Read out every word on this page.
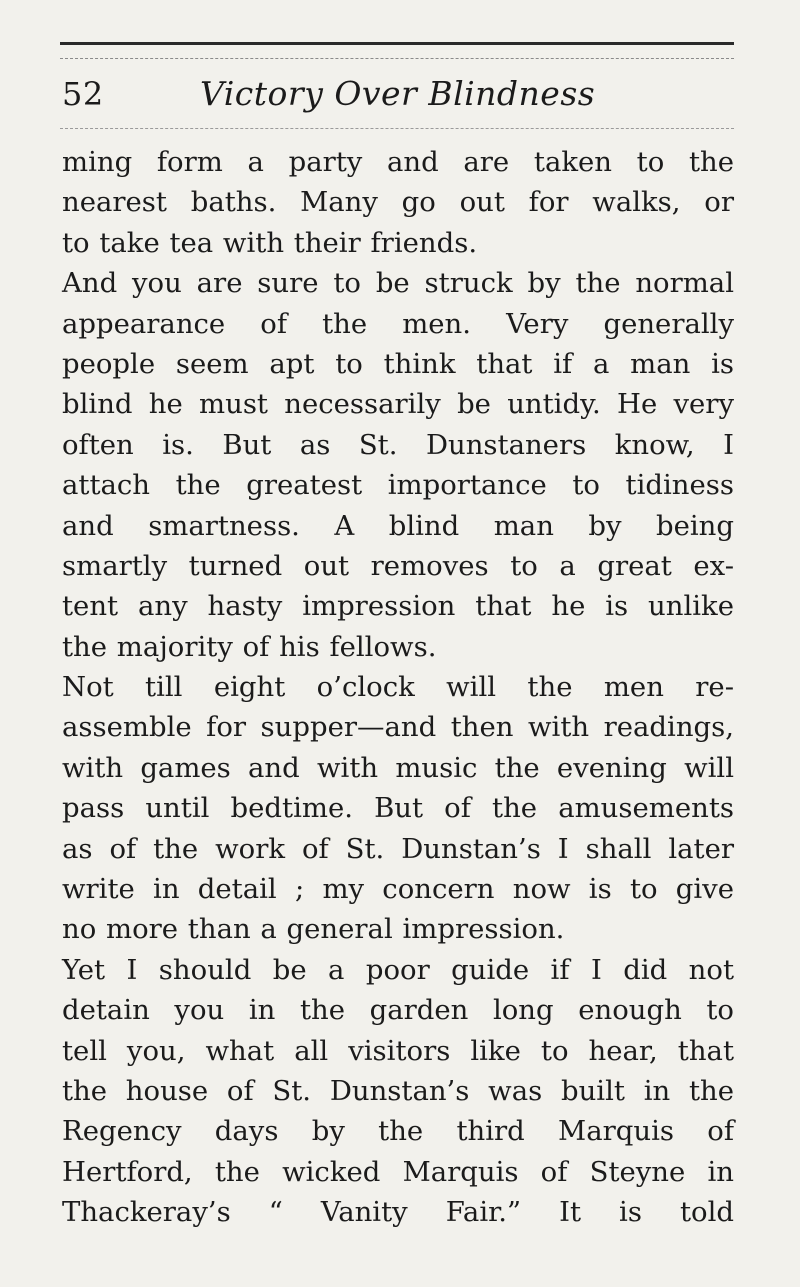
52	Victory Over Blindness
ming form a party and are taken to the
nearest baths. Many go out for walks, or
to take tea with their friends.
And you are sure to be struck by the normal
appearance of the men. Very generally
people seem apt to think that if a man is
blind he must necessarily be untidy. He very
often is. But as St. Dunstaners know, I
attach the greatest importance to tidiness
and smartness. A blind man by being
smartly turned out removes to a great ex-
tent any hasty impression that he is unlike
the majority of his fellows.
Not till eight o’clock will the men re-
assemble for supper—and then with readings,
with games and with music the evening will
pass until bedtime. But of the amusements
as of the work of St. Dunstan’s I shall later
write in detail ; my concern now is to give
no more than a general impression.
Yet I should be a poor guide if I did not
detain you in the garden long enough to
tell you, what all visitors like to hear, that
the house of St. Dunstan’s was built in the
Regency days by the third Marquis of
Hertford, the wicked Marquis of Steyne in
Thackeray’s “ Vanity Fair.” It is told
